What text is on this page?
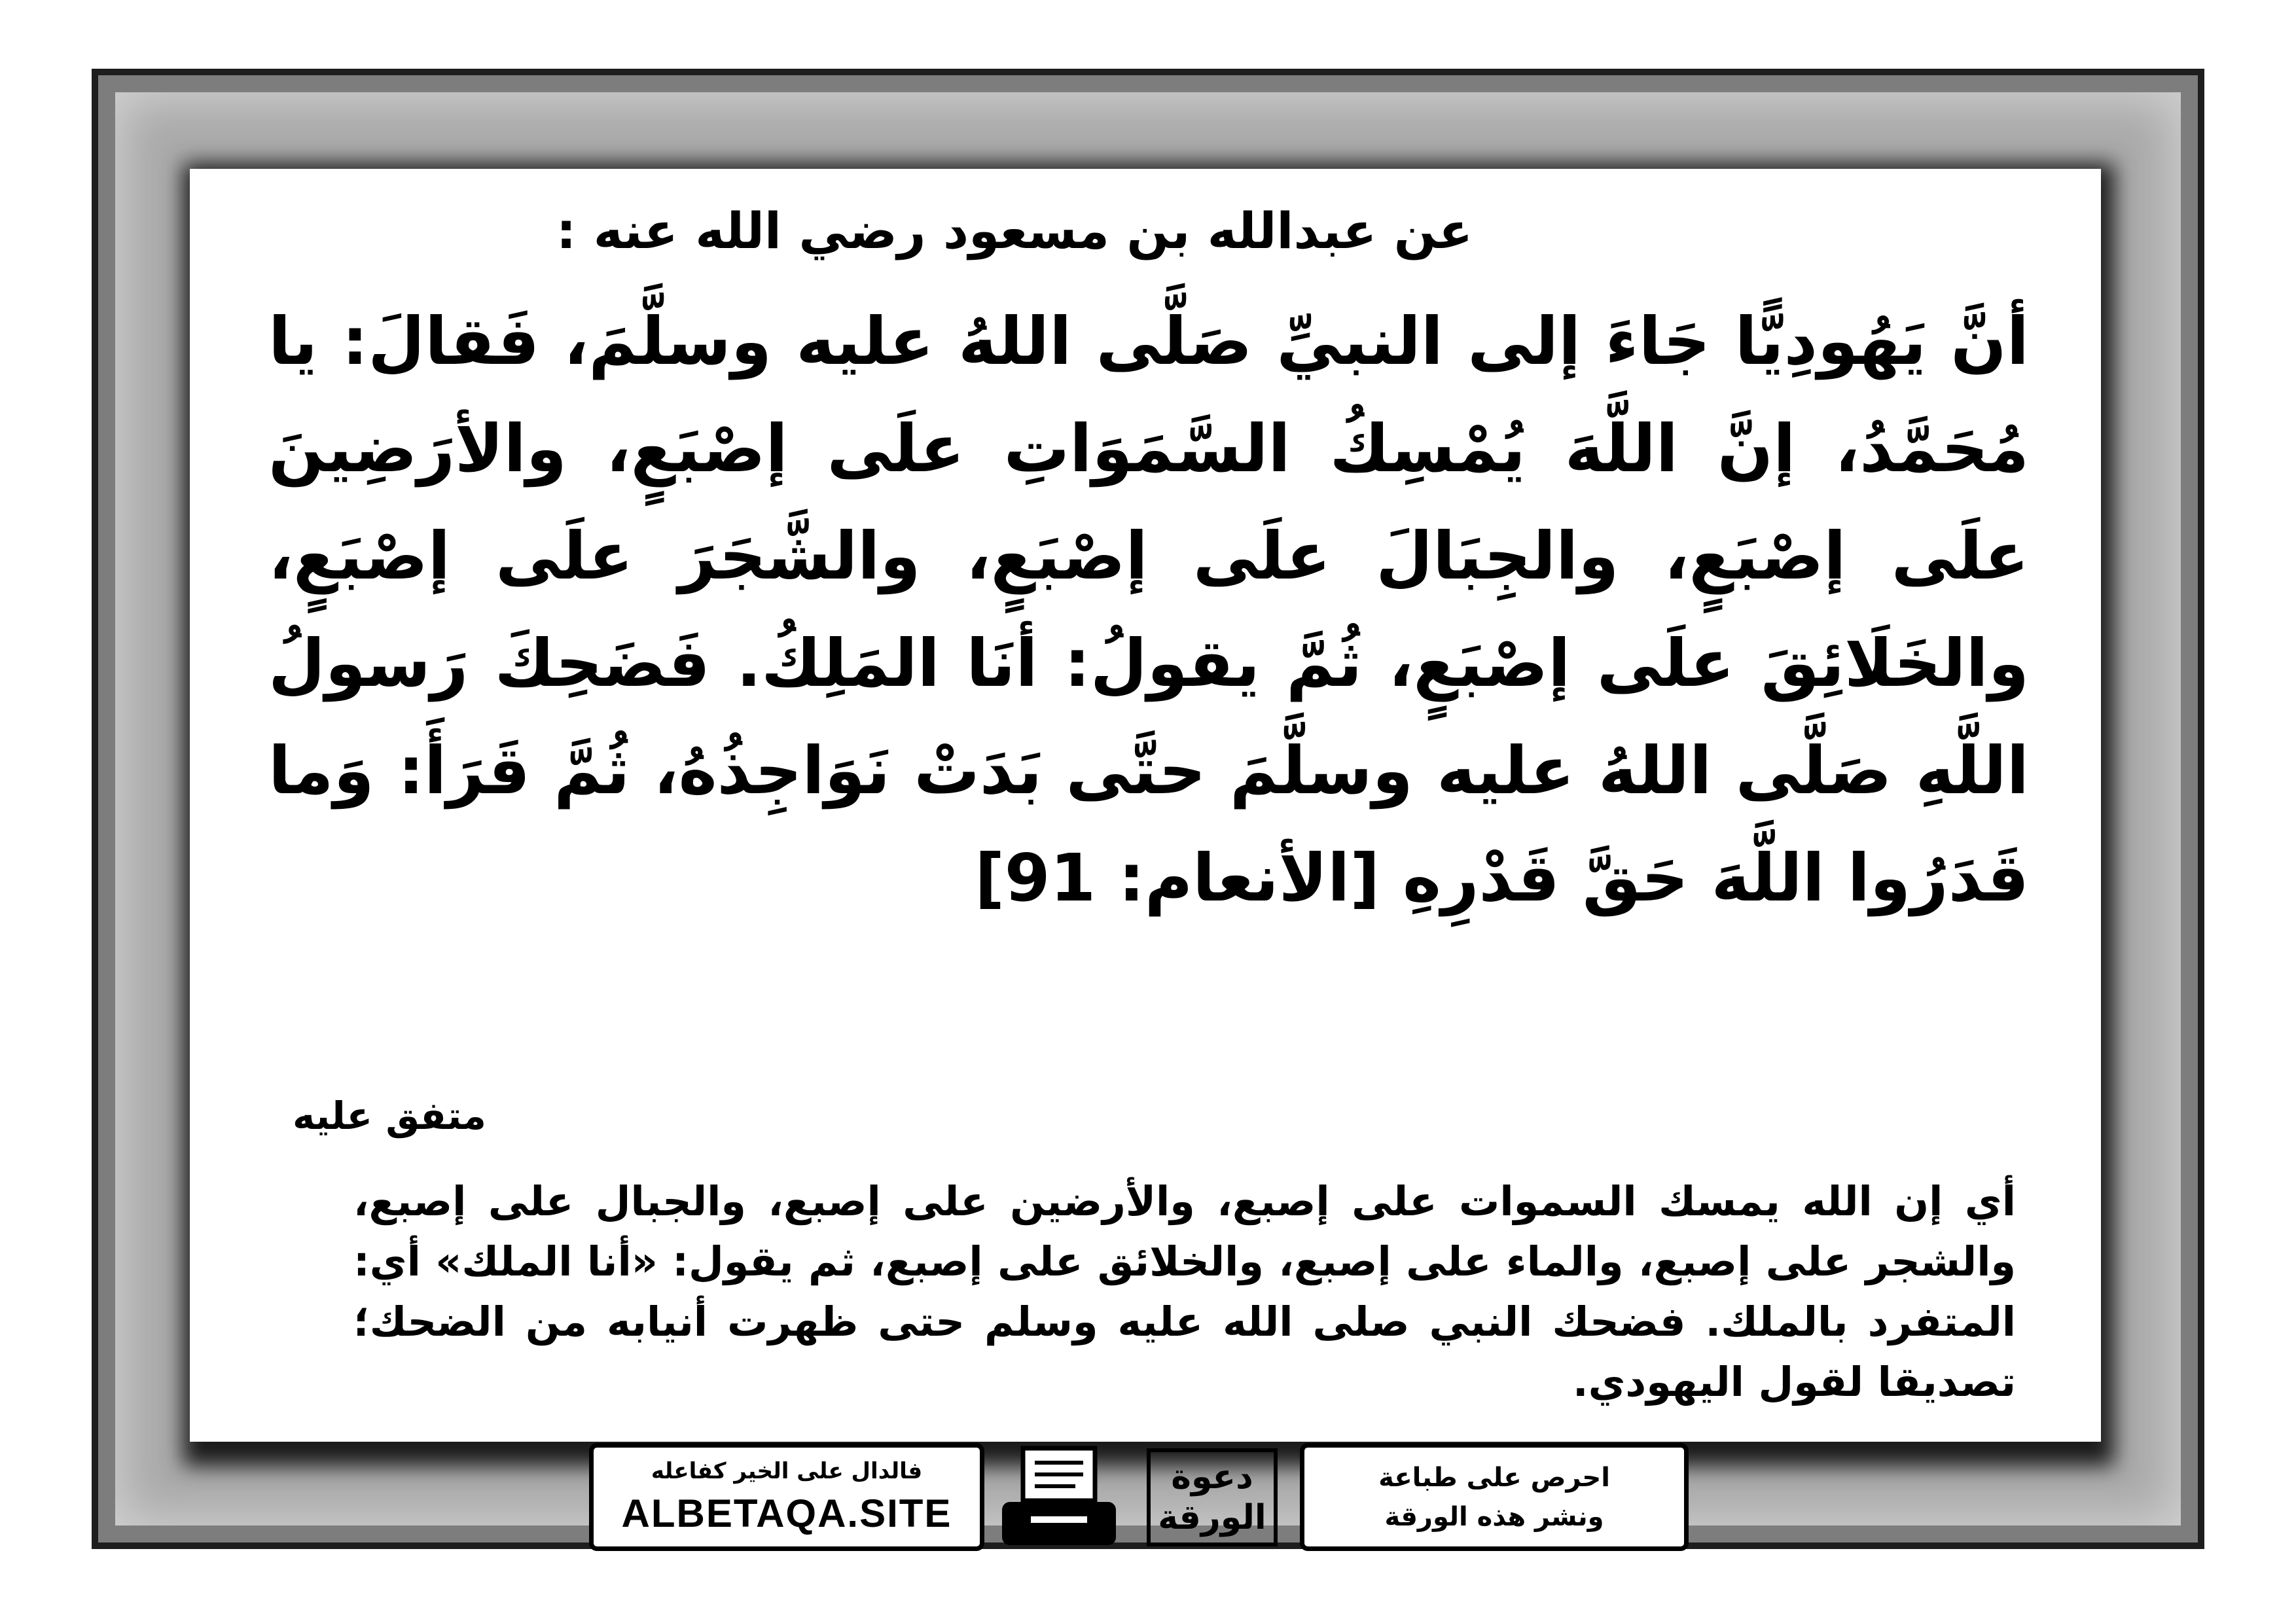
عن عبدالله بن مسعود رضي الله عنه :
أنَّ يَهُودِيًّا جَاءَ إلى النبيِّ صَلَّى اللهُ عليه وسلَّمَ، فَقالَ: يا مُحَمَّدُ، إنَّ اللَّهَ يُمْسِكُ السَّمَوَاتِ علَى إصْبَعٍ، والأرَضِينَ علَى إصْبَعٍ، والجِبَالَ علَى إصْبَعٍ، والشَّجَرَ علَى إصْبَعٍ، والخَلَائِقَ علَى إصْبَعٍ، ثُمَّ يقولُ: أنَا المَلِكُ. فَضَحِكَ رَسولُ اللَّهِ صَلَّى اللهُ عليه وسلَّمَ حتَّى بَدَتْ نَوَاجِذُهُ، ثُمَّ قَرَأَ: وَما قَدَرُوا اللَّهَ حَقَّ قَدْرِهِ [الأنعام: 91]
متفق عليه
أي إن الله يمسك السموات على إصبع، والأرضين على إصبع، والجبال على إصبع، والشجر على إصبع، والماء على إصبع، والخلائق على إصبع، ثم يقول: «أنا الملك» أي: المتفرد بالملك. فضحك النبي صلى الله عليه وسلم حتى ظهرت أنيابه من الضحك؛ تصديقا لقول اليهودي.
فالدال على الخير كفاعله
ALBETAQA.SITE
دعوة
الورقة
احرص على طباعة
ونشر هذه الورقة
